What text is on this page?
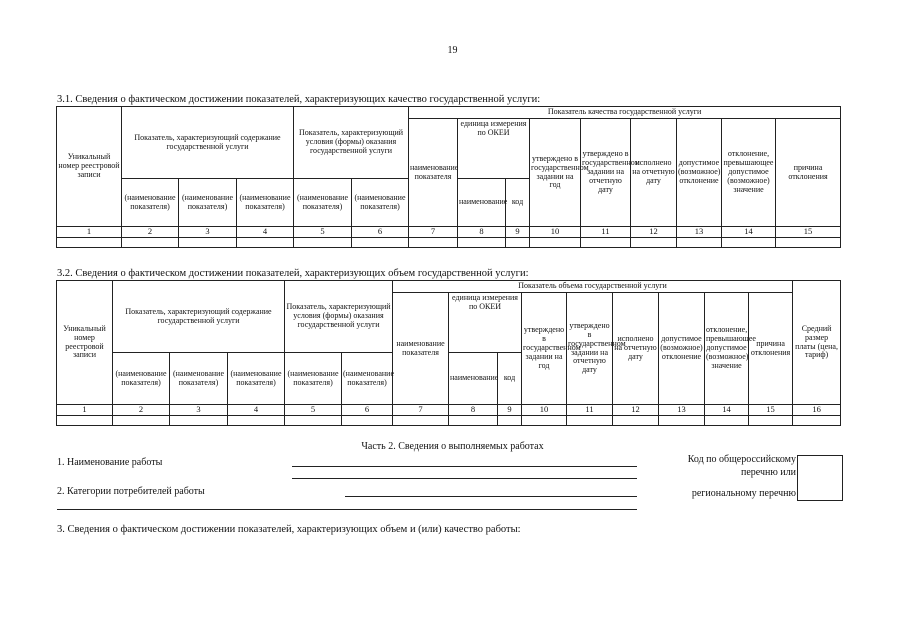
19
3.1. Сведения о фактическом достижении показателей, характеризующих качество государственной услуги:
Уникальный номер реестровой записи	Показатель, характеризующий содержание государственной услуги			Показатель, характеризующий условия (формы) оказания государственной услуги		Показатель качества государственной услуги								
						наименование показателя	единица измерения по ОКЕИ		утверждено в государственном задании на год	утверждено в государственном задании на отчетную дату	исполнено на отчетную дату	допустимое (возможное) отклонение	отклонение, превышающее допустимое (возможное) значение	причина отклонения
	(наименование показателя)	(наименование показателя)	(наименование показателя)	(наименование показателя)	(наименование показателя)		наименование	код						
1	2	3	4	5	6	7	8	9	10	11	12	13	14	15

3.2. Сведения о фактическом достижении показателей, характеризующих объем государственной услуги:
Уникальный номер реестровой записи	Показатель, характеризующий содержание государственной услуги			Показатель, характеризующий условия (формы) оказания государственной услуги		Показатель объема государственной услуги									Средний размер платы (цена, тариф)
						наименование показателя	единица измерения по ОКЕИ		утверждено в государственном задании на год	утверждено в государственном задании на отчетную дату	исполнено на отчетную дату	допустимое (возможное) отклонение	отклонение, превышающее допустимое (возможное) значение	причина отклонения	
	(наименование показателя)	(наименование показателя)	(наименование показателя)	(наименование показателя)	(наименование показателя)		наименование	код							
1	2	3	4	5	6	7	8	9	10	11	12	13	14	15	16

Часть 2. Сведения о выполняемых работах
1. Наименование работы	Код по общероссийскому
перечню или
региональному перечню
2. Категории потребителей работы
3. Сведения о фактическом достижении показателей, характеризующих объем и (или) качество работы:
